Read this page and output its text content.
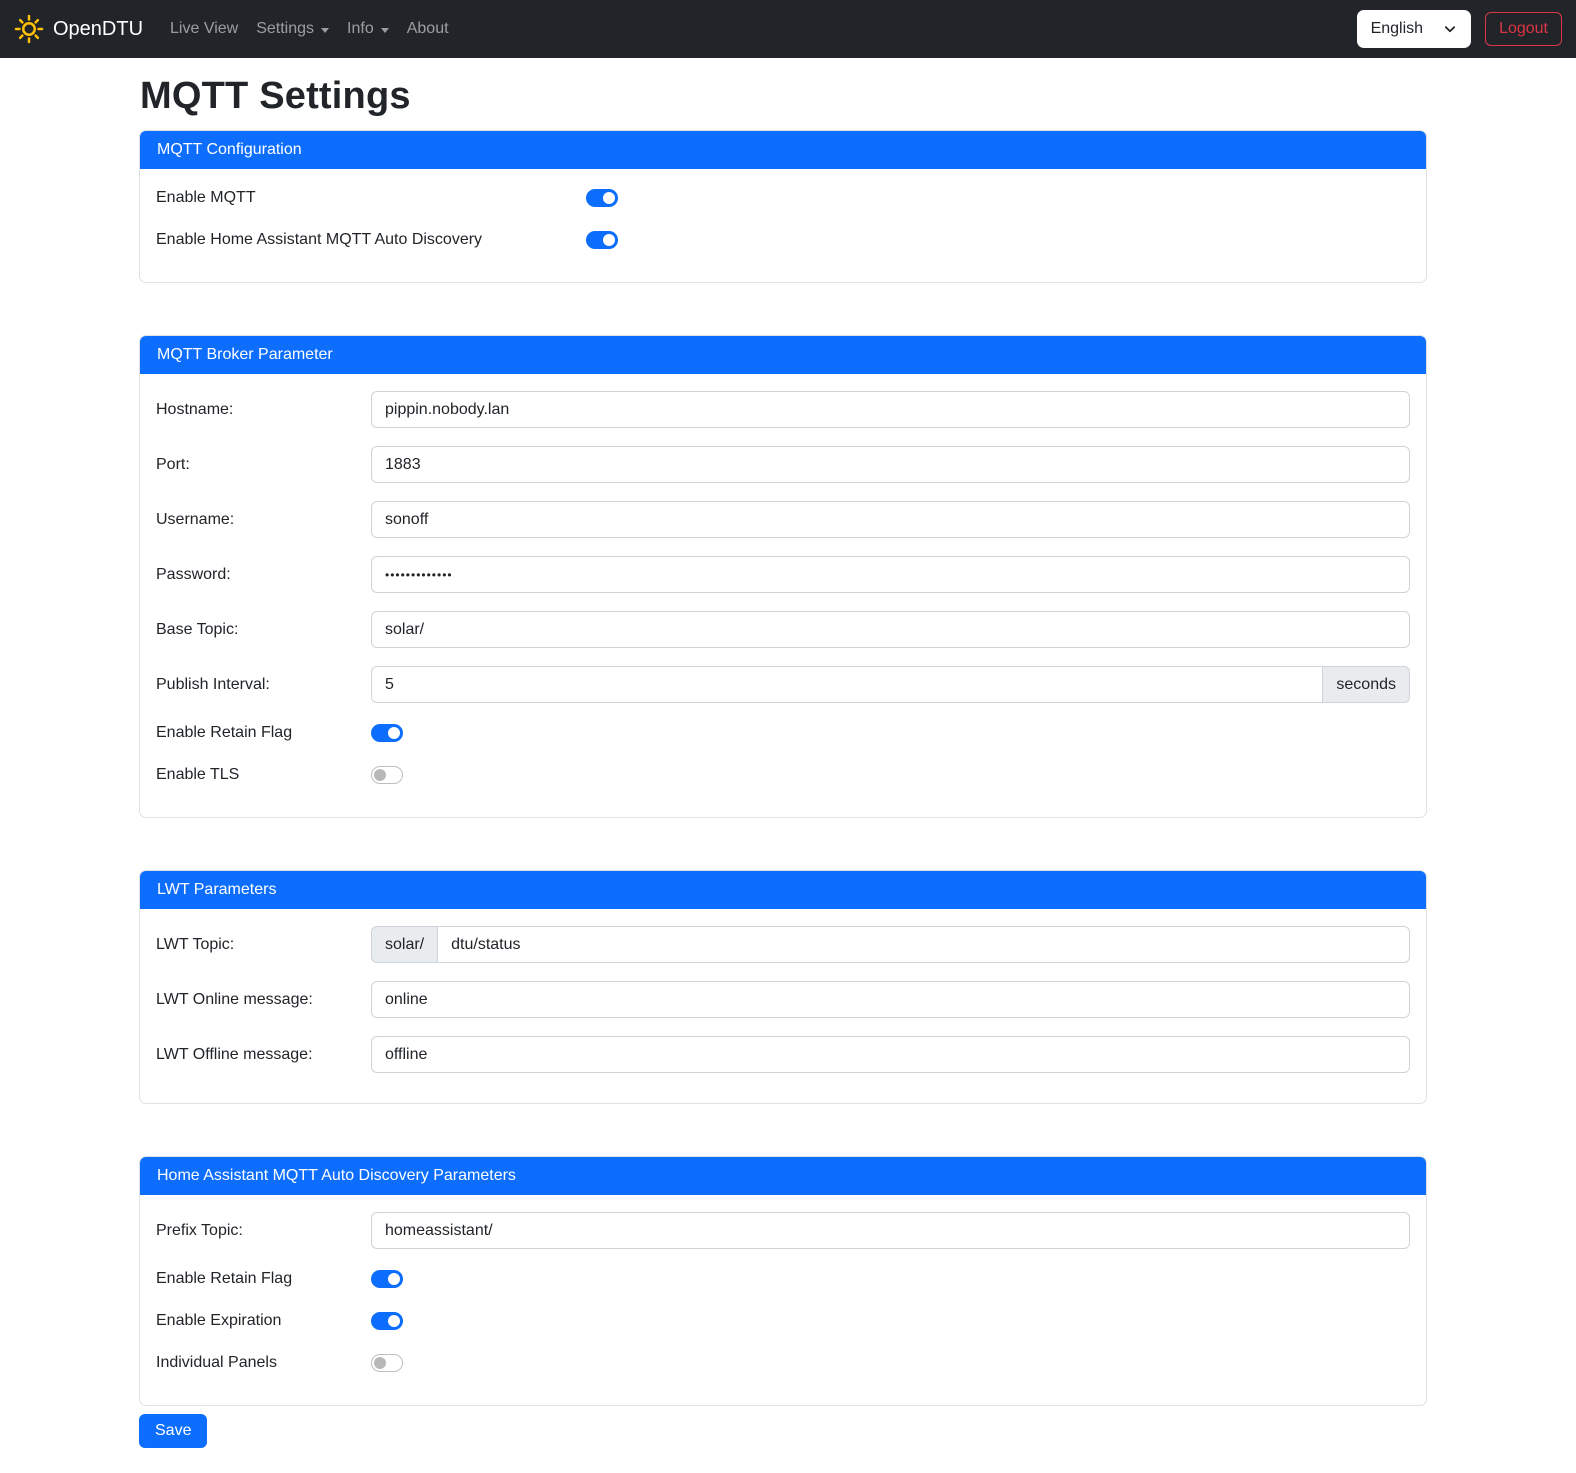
OpenDTU Live View Settings Info About	English	Logout
MQTT Settings
MQTT Configuration
Enable MQTT
Enable Home Assistant MQTT Auto Discovery
MQTT Broker Parameter
Hostname:
pippin.nobody.lan
Port:
1883
Username:
sonoff
Password:
•••••••••••••
Base Topic:
solar/
Publish Interval:
5	seconds
Enable Retain Flag
Enable TLS
LWT Parameters
LWT Topic:	solar/
dtu/status
LWT Online message:
online
LWT Offline message:
offline
Home Assistant MQTT Auto Discovery Parameters
Prefix Topic:
homeassistant/
Enable Retain Flag
Enable Expiration
Individual Panels
Save
